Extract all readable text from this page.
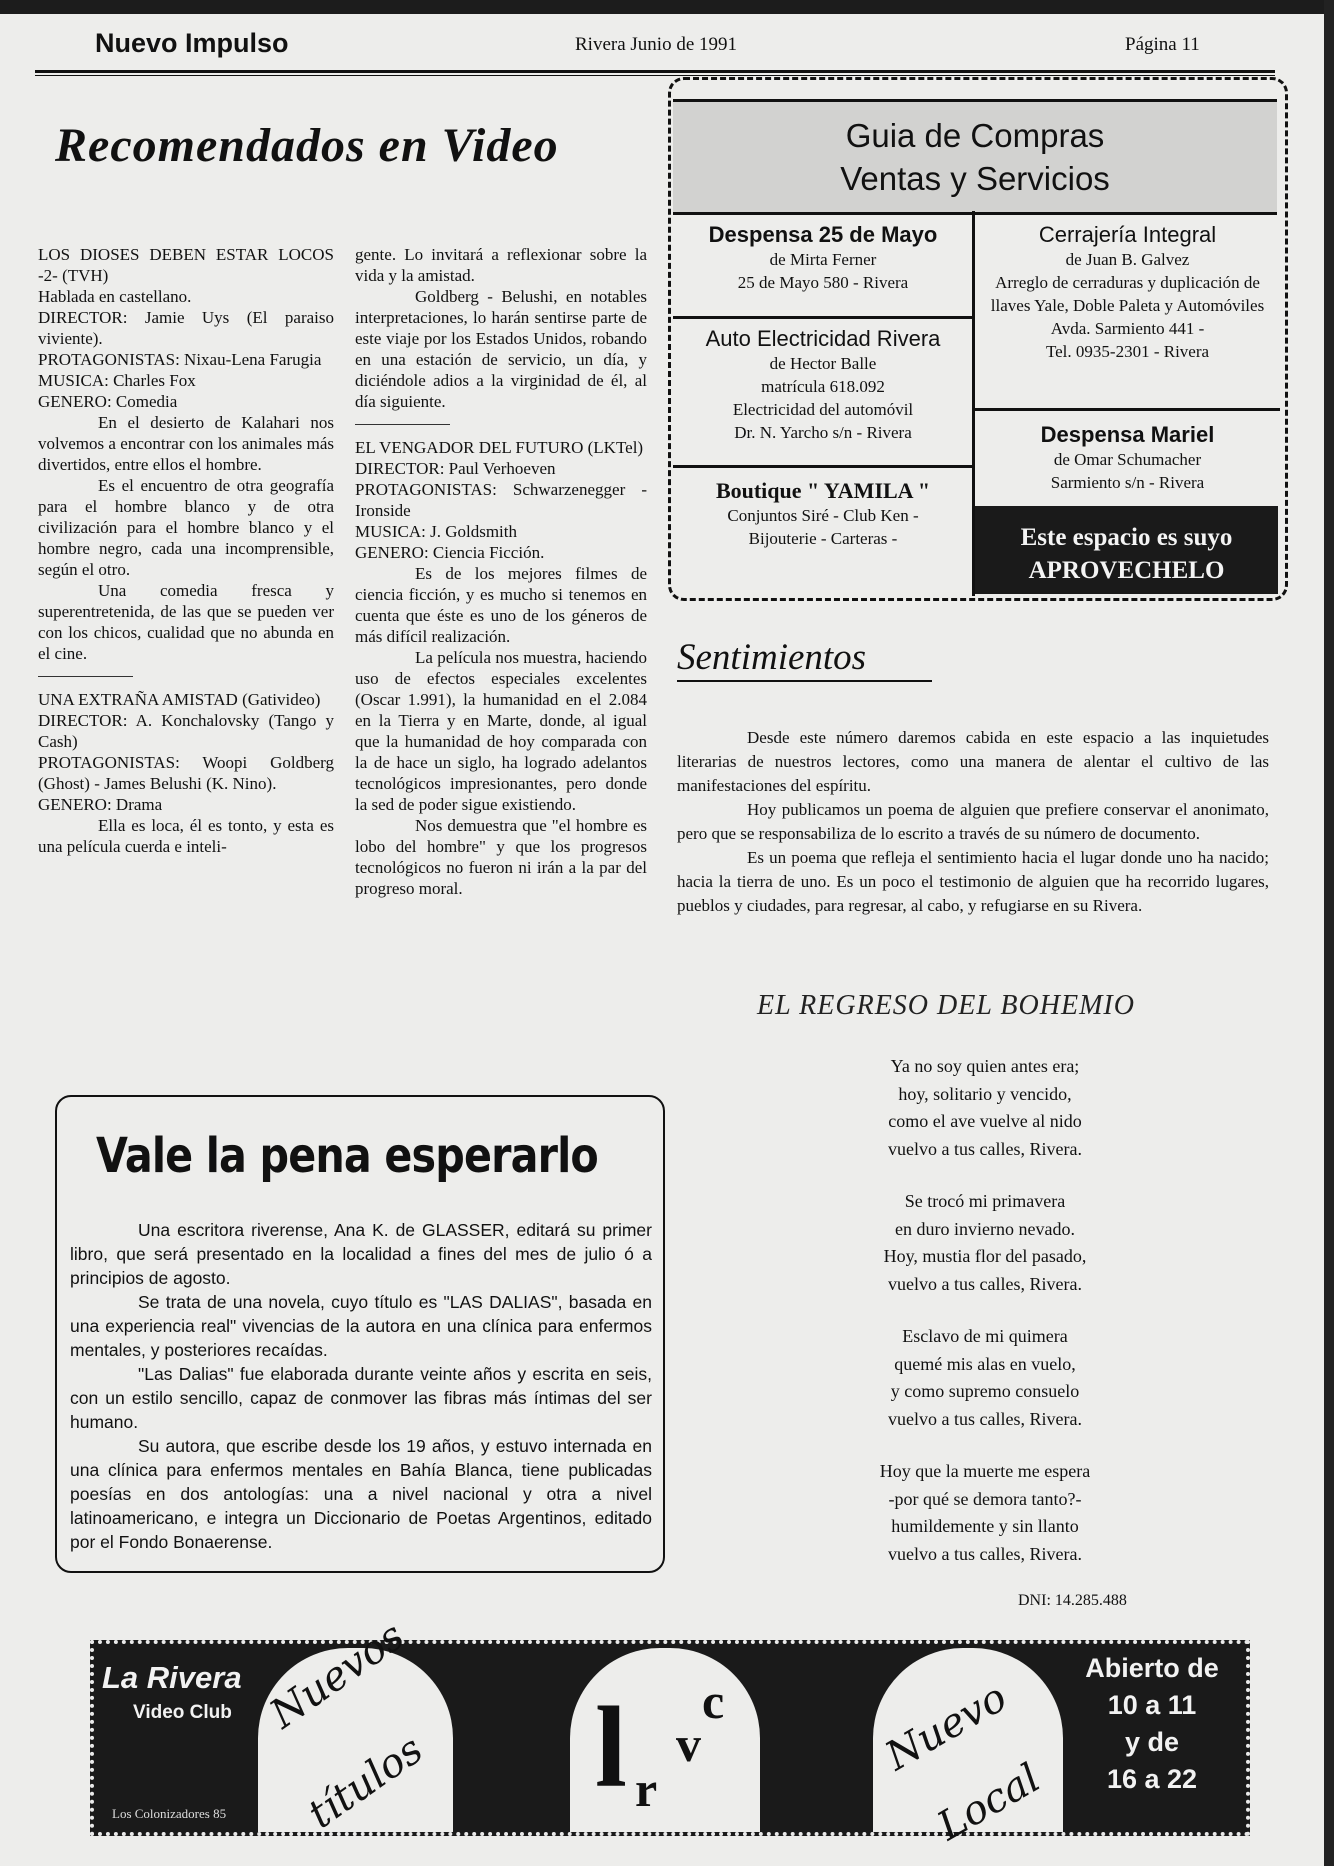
Nuevo Impulso	Rivera Junio de 1991	Página 11
Recomendados en Video

LOS DIOSES DEBEN ESTAR LOCOS -2- (TVH)

Hablada en castellano.

DIRECTOR: Jamie Uys (El paraiso viviente).

PROTAGONISTAS: Nixau-Lena Farugia

MUSICA: Charles Fox

GENERO: Comedia

En el desierto de Kalahari nos volvemos a encontrar con los animales más divertidos, entre ellos el hombre.

Es el encuentro de otra geografía para el hombre blanco y de otra civilización para el hombre blanco y el hombre negro, cada una incomprensible, según el otro.

Una comedia fresca y superentretenida, de las que se pueden ver con los chicos, cualidad que no abunda en el cine.

UNA EXTRAÑA AMISTAD (Gativideo)

DIRECTOR: A. Konchalovsky (Tango y Cash)

PROTAGONISTAS: Woopi Goldberg (Ghost) - James Belushi (K. Nino).

GENERO: Drama

Ella es loca, él es tonto, y esta es una película cuerda e inteli-

gente. Lo invitará a reflexionar sobre la vida y la amistad.

Goldberg - Belushi, en notables interpretaciones, lo harán sentirse parte de este viaje por los Estados Unidos, robando en una estación de servicio, un día, y diciéndole adios a la virginidad de él, al día siguiente.

EL VENGADOR DEL FUTURO (LKTel)

DIRECTOR: Paul Verhoeven

PROTAGONISTAS: Schwarzenegger - Ironside

MUSICA: J. Goldsmith

GENERO: Ciencia Ficción.

Es de los mejores filmes de ciencia ficción, y es mucho si tenemos en cuenta que éste es uno de los géneros de más difícil realización.

La película nos muestra, haciendo uso de efectos especiales excelentes (Oscar 1.991), la humanidad en el 2.084 en la Tierra y en Marte, donde, al igual que la humanidad de hoy comparada con la de hace un siglo, ha logrado adelantos tecnológicos impresionantes, pero donde la sed de poder sigue existiendo.

Nos demuestra que "el hombre es lobo del hombre" y que los progresos tecnológicos no fueron ni irán a la par del progreso moral.

Guia de Compras
Ventas y Servicios
Despensa 25 de Mayo
de Mirta Ferner
25 de Mayo 580 - Rivera
Cerrajería Integral
de Juan B. Galvez
Arreglo de cerraduras y duplicación de llaves Yale, Doble Paleta y Automóviles
Avda. Sarmiento 441 -
Tel. 0935-2301 - Rivera
Auto Electricidad Rivera
de Hector Balle
matrícula 618.092
Electricidad del automóvil
Dr. N. Yarcho s/n - Rivera	Despensa Mariel
de Omar Schumacher
Sarmiento s/n - Rivera
Boutique " YAMILA "
Conjuntos Siré - Club Ken -
Bijouterie - Carteras -	Este espacio es suyo
APROVECHELO
Sentimientos

Desde este número daremos cabida en este espacio a las inquietudes literarias de nuestros lectores, como una manera de alentar el cultivo de las manifestaciones del espíritu.

Hoy publicamos un poema de alguien que prefiere conservar el anonimato, pero que se responsabiliza de lo escrito a través de su número de documento.

Es un poema que refleja el sentimiento hacia el lugar donde uno ha nacido; hacia la tierra de uno. Es un poco el testimonio de alguien que ha recorrido lugares, pueblos y ciudades, para regresar, al cabo, y refugiarse en su Rivera.

EL REGRESO DEL BOHEMIO
Ya no soy quien antes era;
hoy, solitario y vencido,
como el ave vuelve al nido
vuelvo a tus calles, Rivera.
Se trocó mi primavera
en duro invierno nevado.
Hoy, mustia flor del pasado,
vuelvo a tus calles, Rivera.
Esclavo de mi quimera
quemé mis alas en vuelo,
y como supremo consuelo
vuelvo a tus calles, Rivera.
Hoy que la muerte me espera
-por qué se demora tanto?-
humildemente y sin llanto
vuelvo a tus calles, Rivera.
DNI: 14.285.488
Vale la pena esperarlo

Una escritora riverense, Ana K. de GLASSER, editará su primer libro, que será presentado en la localidad a fines del mes de julio ó a principios de agosto.

Se trata de una novela, cuyo título es "LAS DALIAS", basada en una experiencia real" vivencias de la autora en una clínica para enfermos mentales, y posteriores recaídas.

"Las Dalias" fue elaborada durante veinte años y escrita en seis, con un estilo sencillo, capaz de conmover las fibras más íntimas del ser humano.

Su autora, que escribe desde los 19 años, y estuvo internada en una clínica para enfermos mentales en Bahía Blanca, tiene publicadas poesías en dos antologías: una a nivel nacional y otra a nivel latinoamericano, e integra un Diccionario de Poetas Argentinos, editado por el Fondo Bonaerense.

La Rivera
Video Club
Los Colonizadores 85
Nuevos
títulos l r
v
c	Nuevo
Local
Abierto de
10 a 11
y de
16 a 22
